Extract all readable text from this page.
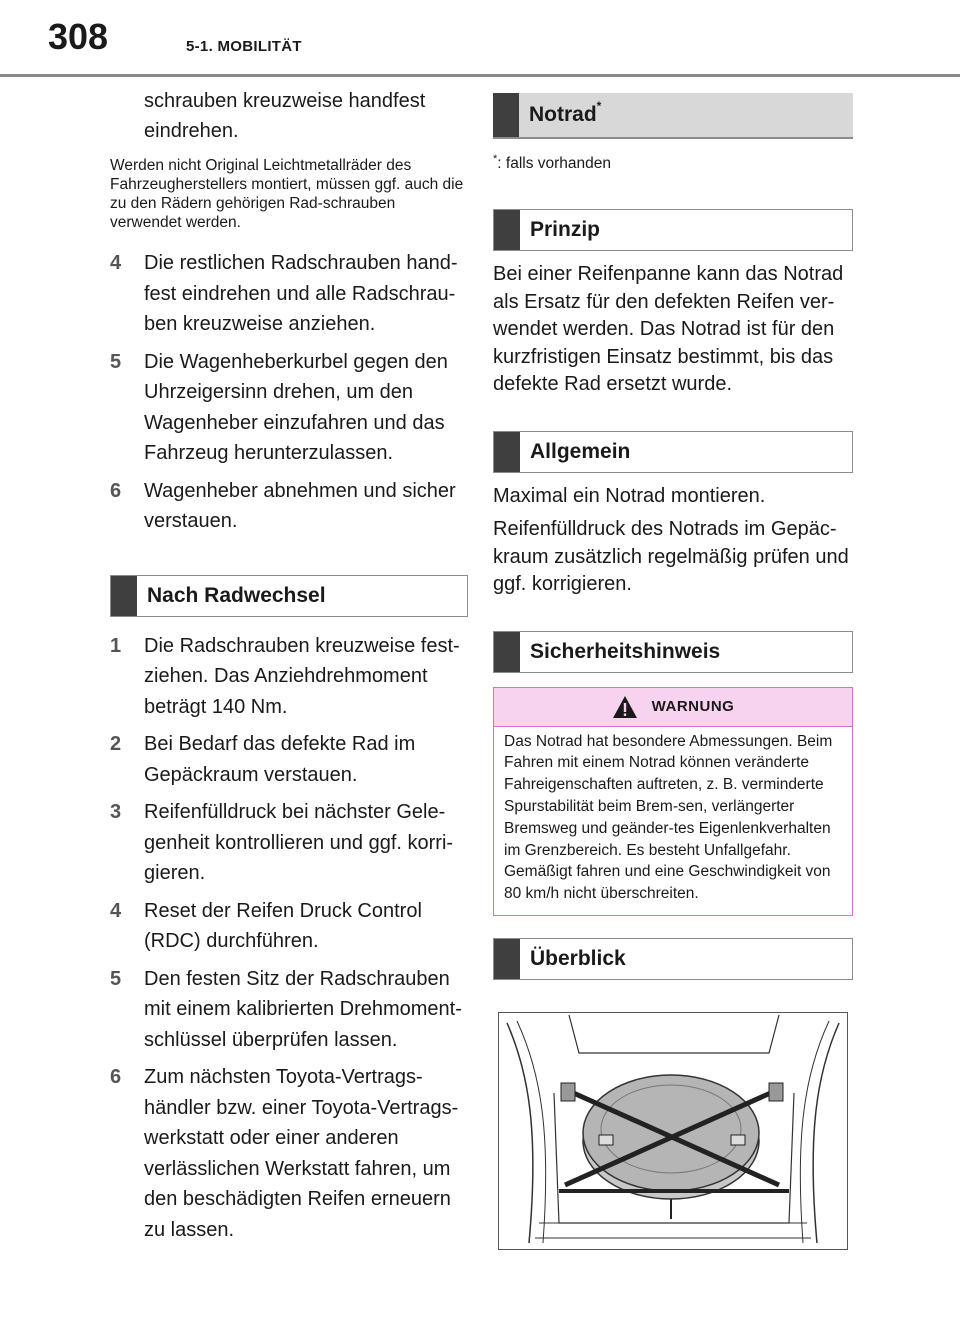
308	5-1. MOBILITÄT

schrauben kreuzweise handfest

eindrehen.

Werden nicht Original Leichtmetallräder des Fahrzeugherstellers montiert, müssen ggf. auch die zu den Rädern gehörigen Rad-schrauben verwendet werden.

4	Die restlichen Radschrauben hand-fest eindrehen und alle Radschrau-ben kreuzweise anziehen.
5	Die Wagenheberkurbel gegen den Uhrzeigersinn drehen, um den Wagenheber einzufahren und das Fahrzeug herunterzulassen.
6	Wagenheber abnehmen und sicher verstauen.
Nach Radwechsel
1	Die Radschrauben kreuzweise fest-ziehen. Das Anziehdrehmoment beträgt 140 Nm.
2	Bei Bedarf das defekte Rad im Gepäckraum verstauen.
3	Reifenfülldruck bei nächster Gele-genheit kontrollieren und ggf. korri-gieren.
4	Reset der Reifen Druck Control (RDC) durchführen.
5	Den festen Sitz der Radschrauben mit einem kalibrierten Drehmoment-schlüssel überprüfen lassen.
6	Zum nächsten Toyota-Vertrags-händler bzw. einer Toyota-Vertrags-werkstatt oder einer anderen verlässlichen Werkstatt fahren, um den beschädigten Reifen erneuern zu lassen.
Notrad*

*: falls vorhanden

Prinzip

Bei einer Reifenpanne kann das Notrad als Ersatz für den defekten Reifen ver-wendet werden. Das Notrad ist für den kurzfristigen Einsatz bestimmt, bis das defekte Rad ersetzt wurde.

Allgemein

Maximal ein Notrad montieren.

Reifenfülldruck des Notrads im Gepäc-kraum zusätzlich regelmäßig prüfen und ggf. korrigieren.

Sicherheitshinweis
WARNUNG
Das Notrad hat besondere Abmessungen. Beim Fahren mit einem Notrad können veränderte Fahreigenschaften auftreten, z. B. verminderte Spurstabilität beim Brem-sen, verlängerter Bremsweg und geänder-tes Eigenlenkverhalten im Grenzbereich. Es besteht Unfallgefahr. Gemäßigt fahren und eine Geschwindigkeit von 80 km/h nicht überschreiten.
Überblick
